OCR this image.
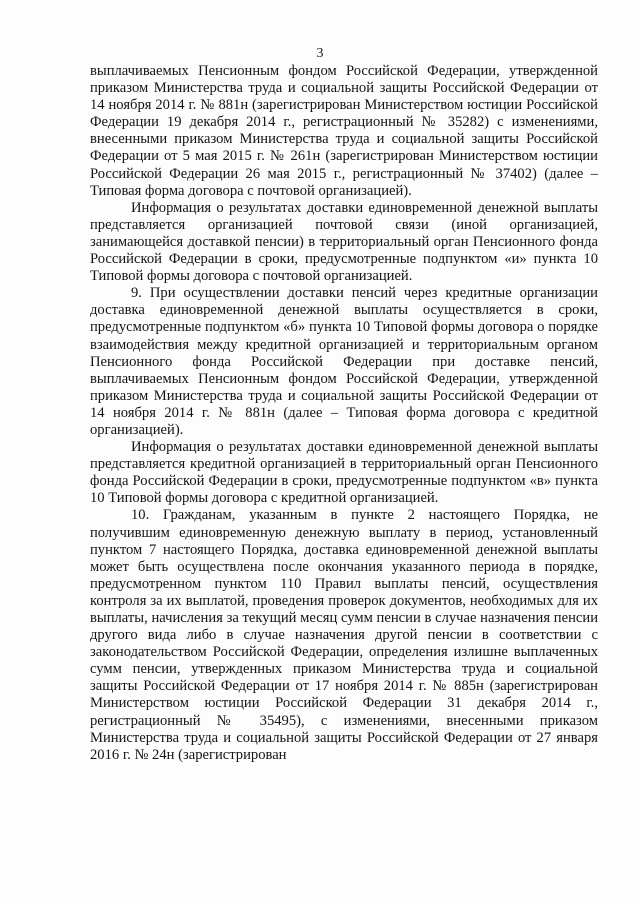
3

выплачиваемых Пенсионным фондом Российской Федерации, утвержденной приказом Министерства труда и социальной защиты Российской Федерации от 14 ноября 2014 г. № 881н (зарегистрирован Министерством юстиции Российской Федерации 19 декабря 2014 г., регистрационный № 35282) с изменениями, внесенными приказом Министерства труда и социальной защиты Российской Федерации от 5 мая 2015 г. № 261н (зарегистрирован Министерством юстиции Российской Федерации 26 мая 2015 г., регистрационный № 37402) (далее – Типовая форма договора с почтовой организацией).

Информация о результатах доставки единовременной денежной выплаты представляется организацией почтовой связи (иной организацией, занимающейся доставкой пенсии) в территориальный орган Пенсионного фонда Российской Федерации в сроки, предусмотренные подпунктом «и» пункта 10 Типовой формы договора с почтовой организацией.

9. При осуществлении доставки пенсий через кредитные организации доставка единовременной денежной выплаты осуществляется в сроки, предусмотренные подпунктом «б» пункта 10 Типовой формы договора о порядке взаимодействия между кредитной организацией и территориальным органом Пенсионного фонда Российской Федерации при доставке пенсий, выплачиваемых Пенсионным фондом Российской Федерации, утвержденной приказом Министерства труда и социальной защиты Российской Федерации от 14 ноября 2014 г. № 881н (далее – Типовая форма договора с кредитной организацией).

Информация о результатах доставки единовременной денежной выплаты представляется кредитной организацией в территориальный орган Пенсионного фонда Российской Федерации в сроки, предусмотренные подпунктом «в» пункта 10 Типовой формы договора с кредитной организацией.

10. Гражданам, указанным в пункте 2 настоящего Порядка, не получившим единовременную денежную выплату в период, установленный пунктом 7 настоящего Порядка, доставка единовременной денежной выплаты может быть осуществлена после окончания указанного периода в порядке, предусмотренном пунктом 110 Правил выплаты пенсий, осуществления контроля за их выплатой, проведения проверок документов, необходимых для их выплаты, начисления за текущий месяц сумм пенсии в случае назначения пенсии другого вида либо в случае назначения другой пенсии в соответствии с законодательством Российской Федерации, определения излишне выплаченных сумм пенсии, утвержденных приказом Министерства труда и социальной защиты Российской Федерации от 17 ноября 2014 г. № 885н (зарегистрирован Министерством юстиции Российской Федерации 31 декабря 2014 г., регистрационный № 35495), с изменениями, внесенными приказом Министерства труда и социальной защиты Российской Федерации от 27 января 2016 г. № 24н (зарегистрирован
